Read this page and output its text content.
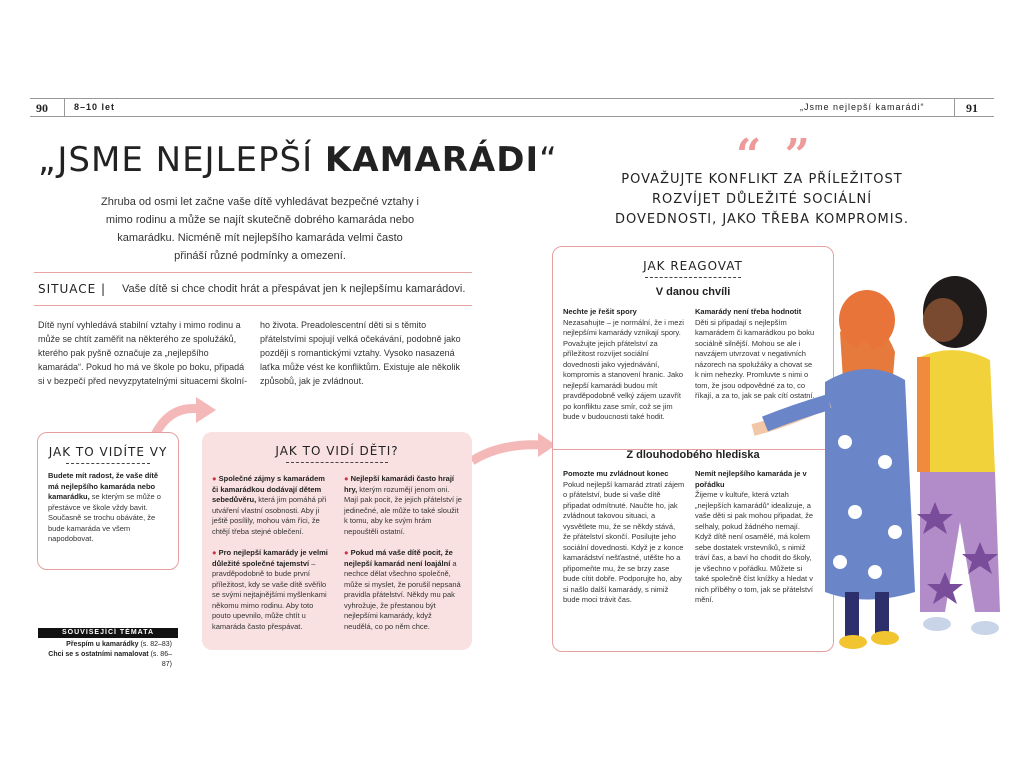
90	8–10 let	„Jsme nejlepší kamarádi“	91
„JSME NEJLEPŠÍ KAMARÁDI“
Zhruba od osmi let začne vaše dítě vyhledávat bezpečné vztahy i mimo rodinu a může se najít skutečně dobrého kamaráda nebo kamarádku. Nicméně mít nejlepšího kamaráda velmi často přináší různé podmínky a omezení.
SITUACE | Vaše dítě si chce chodit hrát a přespávat jen k nejlepšímu kamarádovi.
Dítě nyní vyhledává stabilní vztahy i mimo rodinu a může se chtít zaměřit na některého ze spolužáků, kterého pak pyšně označuje za „nejlepšího kamaráda“. Pokud ho má ve škole po boku, připadá si v bezpečí před nevyzpytatelnými situacemi školní-
ho života. Preadolescentní děti si s těmito přátelstvími spojují velká očekávání, podobně jako později s romantickými vztahy. Vysoko nasazená laťka může vést ke konfliktům. Existuje ale několik způsobů, jak je zvládnout.
JAK TO VIDÍTE VY
Budete mít radost, že vaše dítě má nejlepšího kamaráda nebo kamarádku, se kterým se může o přestávce ve škole vždy bavit. Současně se trochu obáváte, že bude kamaráda ve všem napodobovat.
JAK TO VIDÍ DĚTI?
● Společné zájmy s kamarádem či kamarádkou dodávají dětem sebedůvěru, která jim pomáhá při utváření vlastní osobnosti. Aby ji ještě posílily, mohou vám říci, že chtějí třeba stejné oblečení.
● Pro nejlepší kamarády je velmi důležité společné tajemství – pravděpodobně to bude první příležitost, kdy se vaše dítě svěřilo se svými nejtajnějšími myšlenkami někomu mimo rodinu. Aby toto pouto upevnilo, může chtít u kamaráda často přespávat.
● Nejlepší kamarádi často hrají hry, kterým rozumějí jenom oni. Mají pak pocit, že jejich přátelství je jedinečné, ale může to také sloužit k tomu, aby ke svým hrám nepouštěli ostatní.
● Pokud má vaše dítě pocit, že nejlepší kamarád není loajální a nechce dělat všechno společně, může si myslet, že porušil nepsaná pravidla přátelství. Někdy mu pak vyhrožuje, že přestanou být nejlepšími kamarády, když neudělá, co po něm chce.
SOUVISEJÍCÍ TÉMATA
Přespím u kamarádky (s. 82–83)
Chci se s ostatními namalovat (s. 86–87)
“ ”
POVAŽUJTE KONFLIKT ZA PŘÍLEŽITOST ROZVÍJET DŮLEŽITÉ SOCIÁLNÍ DOVEDNOSTI, JAKO TŘEBA KOMPROMIS.
JAK REAGOVAT
V danou chvíli
Nechte je řešit spory
Nezasahujte – je normální, že i mezi nejlepšími kamarády vznikají spory. Považujte jejich přátelství za příležitost rozvíjet sociální dovednosti jako vyjednávání, kompromis a stanovení hranic. Jako nejlepší kamarádi budou mít pravděpodobně velký zájem uzavřít po konfliktu zase smír, což se jim bude v budoucnosti také hodit.
Kamarády není třeba hodnotit
Děti si připadají s nejlepším kamarádem či kamarádkou po boku sociálně silnější. Mohou se ale i navzájem utvrzovat v negativních názorech na spolužáky a chovat se k nim nehezky. Promluvte s nimi o tom, že jsou odpovědné za to, co říkají, a za to, jak se pak cítí ostatní.
Z dlouhodobého hlediska
Pomozte mu zvládnout konec
Pokud nejlepší kamarád ztratí zájem o přátelství, bude si vaše dítě připadat odmítnuté. Naučte ho, jak zvládnout takovou situaci, a vysvětlete mu, že se někdy stává, že přátelství skončí. Posilujte jeho sociální dovednosti. Když je z konce kamarádství nešťastné, utěšte ho a připomeňte mu, že se brzy zase bude cítit dobře. Podporujte ho, aby si našlo další kamarády, s nimiž bude moci trávit čas.
Nemít nejlepšího kamaráda je v pořádku
Žijeme v kultuře, která vztah „nejlepších kamarádů“ idealizuje, a vaše děti si pak mohou připadat, že selhaly, pokud žádného nemají. Když dítě není osamělé, má kolem sebe dostatek vrstevníků, s nimiž tráví čas, a baví ho chodit do školy, je všechno v pořádku. Můžete si také společně číst knížky a hledat v nich příběhy o tom, jak se přátelství mění.
